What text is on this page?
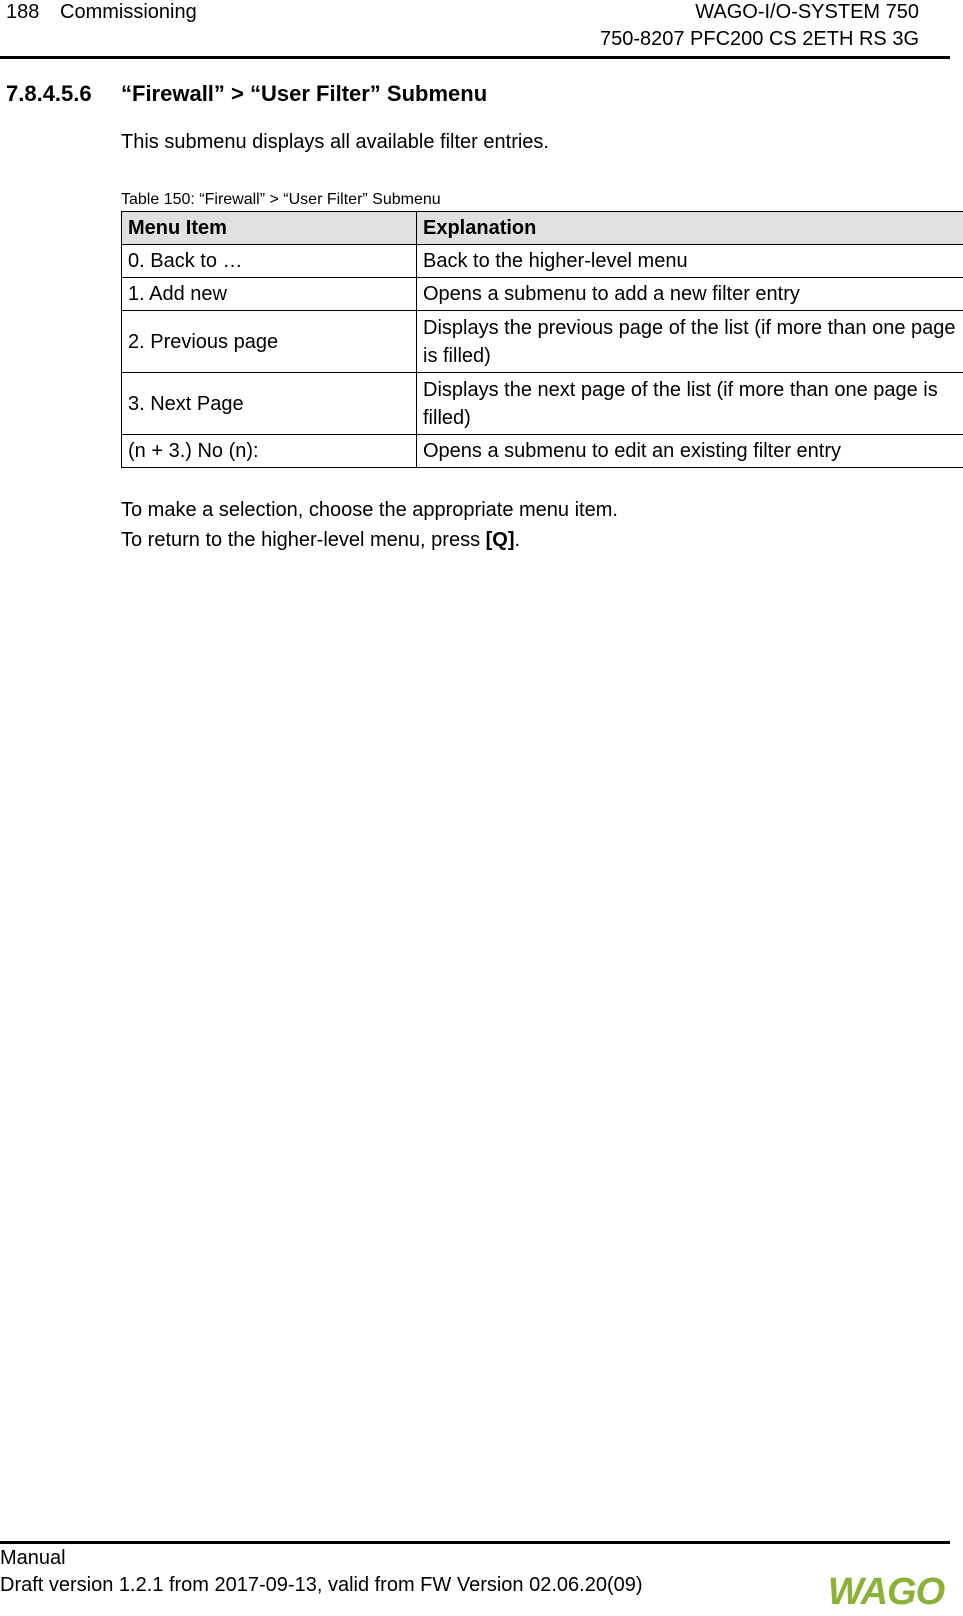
188 Commissioning	WAGO-I/O-SYSTEM 750
750-8207 PFC200 CS 2ETH RS 3G
7.8.4.5.6 “Firewall” > “User Filter” Submenu
This submenu displays all available filter entries.
Table 150: “Firewall” > “User Filter” Submenu
Menu Item	Explanation
0. Back to …	Back to the higher-level menu
1. Add new	Opens a submenu to add a new filter entry
2. Previous page	Displays the previous page of the list (if more than one page is filled)
3. Next Page	Displays the next page of the list (if more than one page is filled)
(n + 3.) No (n):	Opens a submenu to edit an existing filter entry
To make a selection, choose the appropriate menu item.
To return to the higher-level menu, press [Q].
Manual
Draft version 1.2.1 from 2017-09-13, valid from FW Version 02.06.20(09)	WAGO
